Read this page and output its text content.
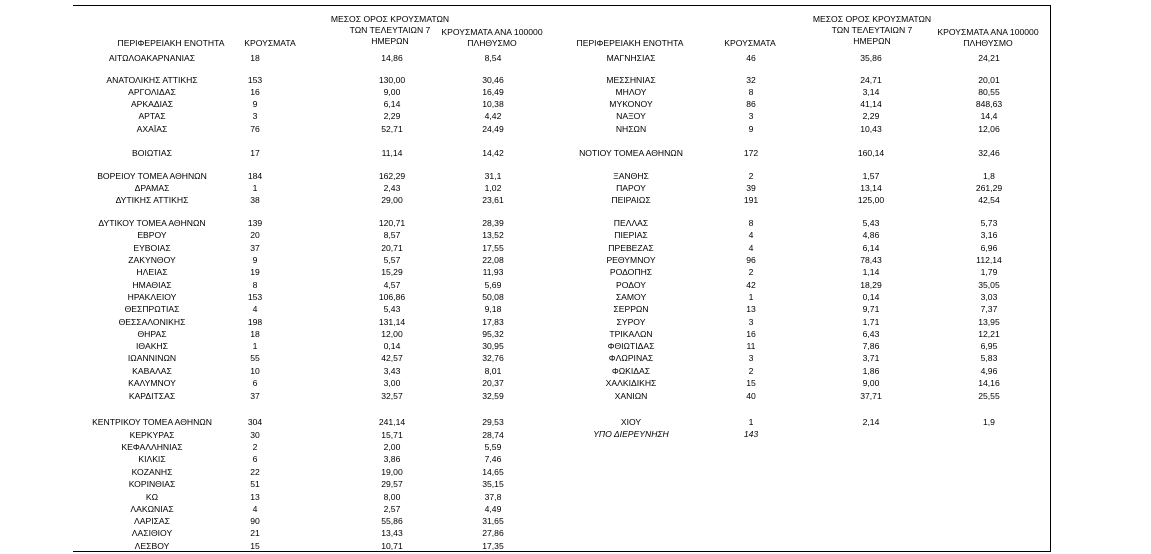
ΠΕΡΙΦΕΡΕΙΑΚΗ ΕΝΟΤΗΤΑ	ΚΡΟΥΣΜΑΤΑ
ΜΕΣΟΣ ΟΡΟΣ ΚΡΟΥΣΜΑΤΩΝ
ΤΩΝ ΤΕΛΕΥΤΑΙΩΝ 7
ΗΜΕΡΩΝ
ΚΡΟΥΣΜΑΤΑ ΑΝΑ 100000
ΠΛΗΘΥΣΜΟ	ΠΕΡΙΦΕΡΕΙΑΚΗ ΕΝΟΤΗΤΑ	ΚΡΟΥΣΜΑΤΑ
ΜΕΣΟΣ ΟΡΟΣ ΚΡΟΥΣΜΑΤΩΝ
ΤΩΝ ΤΕΛΕΥΤΑΙΩΝ 7
ΗΜΕΡΩΝ
ΚΡΟΥΣΜΑΤΑ ΑΝΑ 100000
ΠΛΗΘΥΣΜΟ
ΑΙΤΩΛΟΑΚΑΡΝΑΝΙΑΣ	18	14,86	8,54
ΑΝΑΤΟΛΙΚΗΣ ΑΤΤΙΚΗΣ	153	130,00	30,46
ΑΡΓΟΛΙΔΑΣ	16	9,00	16,49
ΑΡΚΑΔΙΑΣ	9	6,14	10,38
ΑΡΤΑΣ	3	2,29	4,42
ΑΧΑΪΑΣ	76	52,71	24,49
ΒΟΙΩΤΙΑΣ	17	11,14	14,42
ΒΟΡΕΙΟΥ ΤΟΜΕΑ ΑΘΗΝΩΝ	184	162,29	31,1
ΔΡΑΜΑΣ	1	2,43	1,02
ΔΥΤΙΚΗΣ ΑΤΤΙΚΗΣ	38	29,00	23,61
ΔΥΤΙΚΟΥ ΤΟΜΕΑ ΑΘΗΝΩΝ	139	120,71	28,39
ΕΒΡΟΥ	20	8,57	13,52
ΕΥΒΟΙΑΣ	37	20,71	17,55
ΖΑΚΥΝΘΟΥ	9	5,57	22,08
ΗΛΕΙΑΣ	19	15,29	11,93
ΗΜΑΘΙΑΣ	8	4,57	5,69
ΗΡΑΚΛΕΙΟΥ	153	106,86	50,08
ΘΕΣΠΡΩΤΙΑΣ	4	5,43	9,18
ΘΕΣΣΑΛΟΝΙΚΗΣ	198	131,14	17,83
ΘΗΡΑΣ	18	12,00	95,32
ΙΘΑΚΗΣ	1	0,14	30,95
ΙΩΑΝΝΙΝΩΝ	55	42,57	32,76
ΚΑΒΑΛΑΣ	10	3,43	8,01
ΚΑΛΥΜΝΟΥ	6	3,00	20,37
ΚΑΡΔΙΤΣΑΣ	37	32,57	32,59
ΚΕΝΤΡΙΚΟΥ ΤΟΜΕΑ ΑΘΗΝΩΝ	304	241,14	29,53
ΚΕΡΚΥΡΑΣ	30	15,71	28,74
ΚΕΦΑΛΛΗΝΙΑΣ	2	2,00	5,59
ΚΙΛΚΙΣ	6	3,86	7,46
ΚΟΖΑΝΗΣ	22	19,00	14,65
ΚΟΡΙΝΘΙΑΣ	51	29,57	35,15
ΚΩ	13	8,00	37,8
ΛΑΚΩΝΙΑΣ	4	2,57	4,49
ΛΑΡΙΣΑΣ	90	55,86	31,65
ΛΑΣΙΘΙΟΥ	21	13,43	27,86
ΛΕΣΒΟΥ	15	10,71	17,35
ΜΑΓΝΗΣΙΑΣ	46	35,86	24,21
ΜΕΣΣΗΝΙΑΣ	32	24,71	20,01
ΜΗΛΟΥ	8	3,14	80,55
ΜΥΚΟΝΟΥ	86	41,14	848,63
ΝΑΞΟΥ	3	2,29	14,4
ΝΗΣΩΝ	9	10,43	12,06
ΝΟΤΙΟΥ ΤΟΜΕΑ ΑΘΗΝΩΝ	172	160,14	32,46
ΞΑΝΘΗΣ	2	1,57	1,8
ΠΑΡΟΥ	39	13,14	261,29
ΠΕΙΡΑΙΩΣ	191	125,00	42,54
ΠΕΛΛΑΣ	8	5,43	5,73
ΠΙΕΡΙΑΣ	4	4,86	3,16
ΠΡΕΒΕΖΑΣ	4	6,14	6,96
ΡΕΘΥΜΝΟΥ	96	78,43	112,14
ΡΟΔΟΠΗΣ	2	1,14	1,79
ΡΟΔΟΥ	42	18,29	35,05
ΣΑΜΟΥ	1	0,14	3,03
ΣΕΡΡΩΝ	13	9,71	7,37
ΣΥΡΟΥ	3	1,71	13,95
ΤΡΙΚΑΛΩΝ	16	6,43	12,21
ΦΘΙΩΤΙΔΑΣ	11	7,86	6,95
ΦΛΩΡΙΝΑΣ	3	3,71	5,83
ΦΩΚΙΔΑΣ	2	1,86	4,96
ΧΑΛΚΙΔΙΚΗΣ	15	9,00	14,16
ΧΑΝΙΩΝ	40	37,71	25,55
ΧΙΟΥ	1	2,14	1,9
ΥΠΟ ΔΙΕΡΕΥΝΗΣΗ	143
